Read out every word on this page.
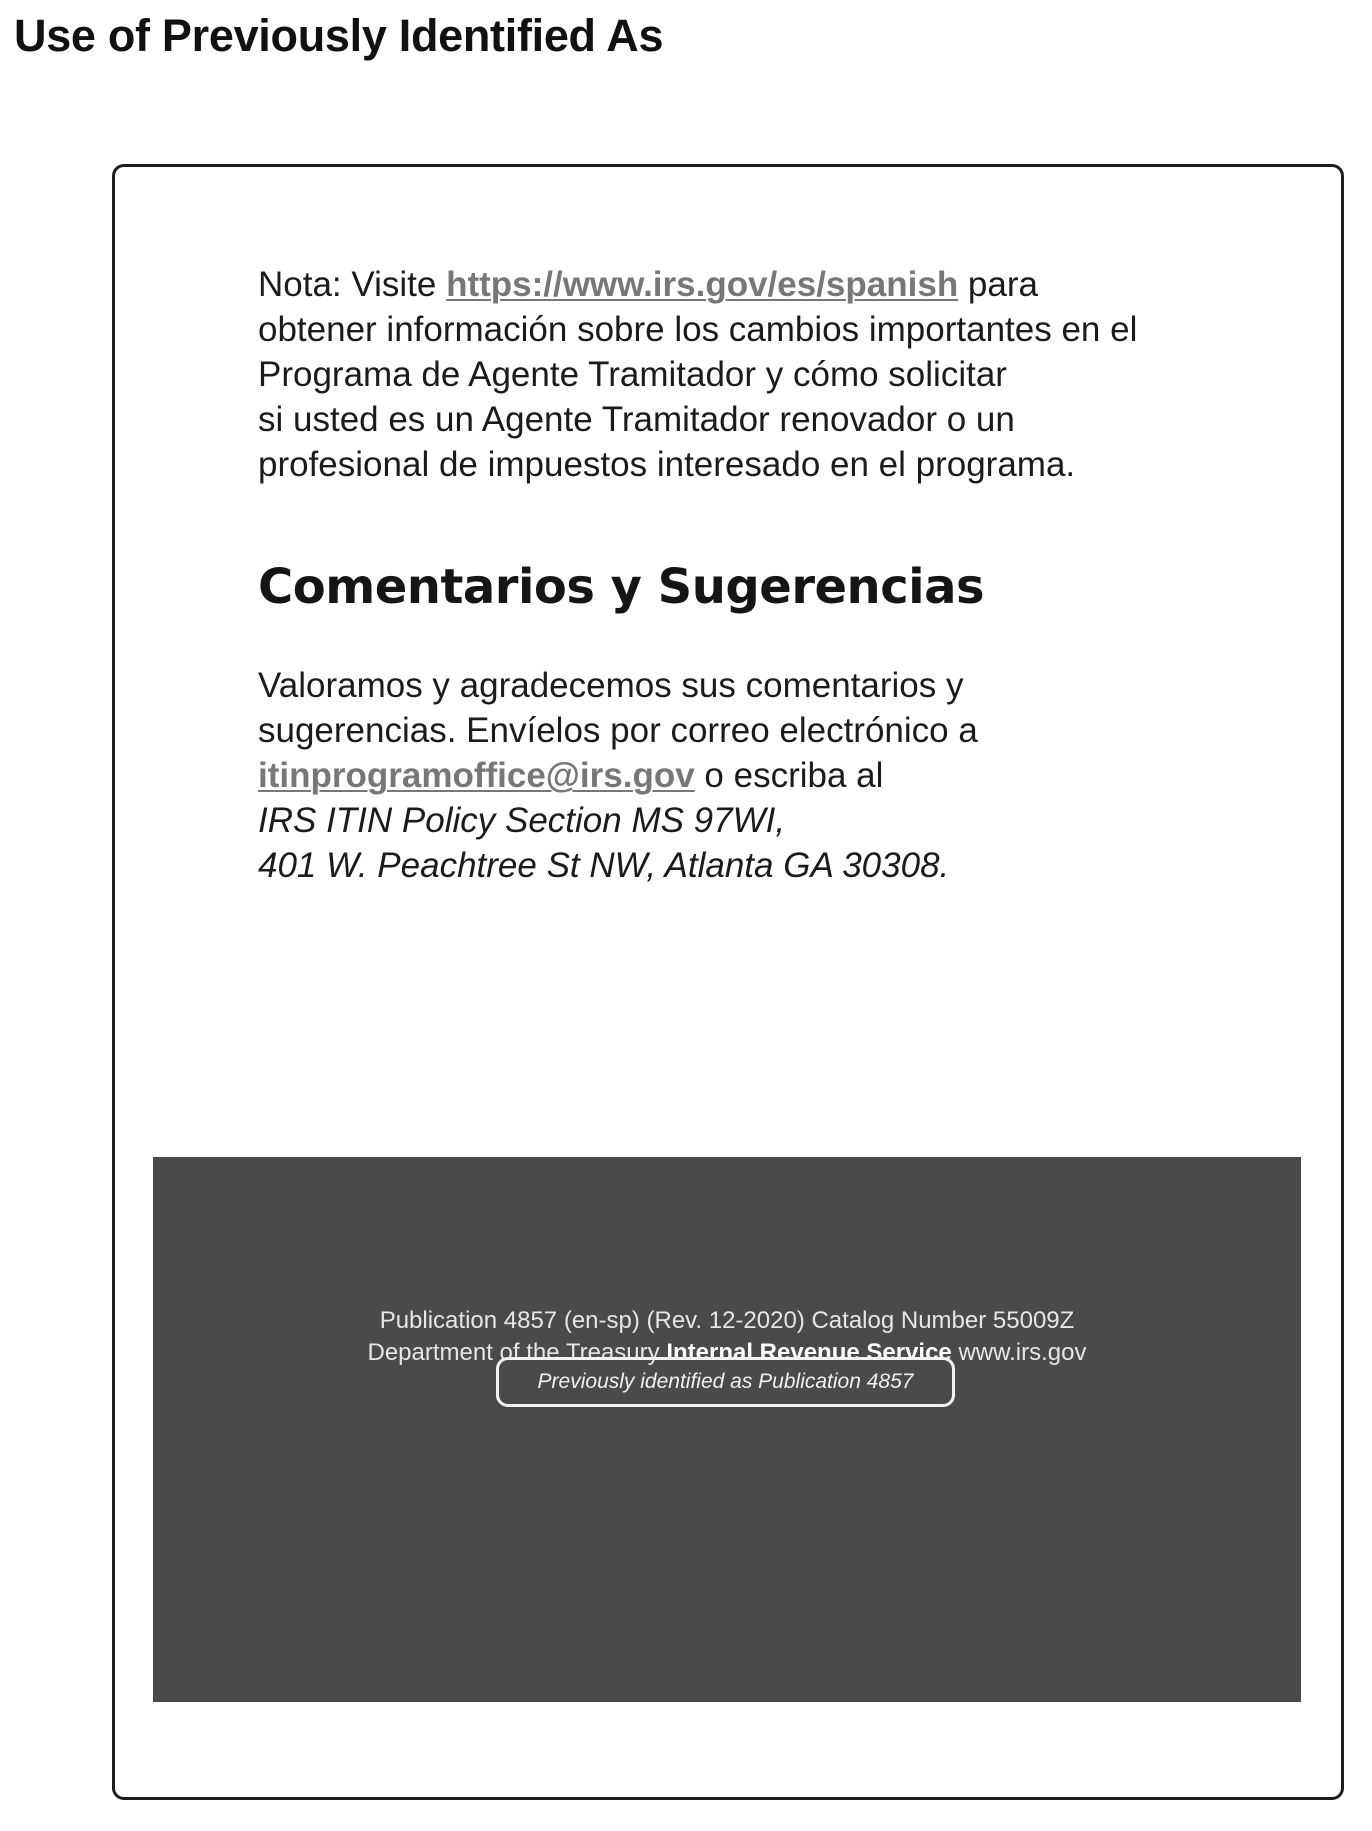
Use of Previously Identified As

Nota: Visite https://www.irs.gov/es/spanish para
obtener información sobre los cambios importantes en el
Programa de Agente Tramitador y cómo solicitar
si usted es un Agente Tramitador renovador o un
profesional de impuestos interesado en el programa.

Comentarios y Sugerencias

Valoramos y agradecemos sus comentarios y
sugerencias. Envíelos por correo electrónico a
itinprogramoffice@irs.gov o escriba al
IRS ITIN Policy Section MS 97WI,
401 W. Peachtree St NW, Atlanta GA 30308.

Publication 4857 (en-sp) (Rev. 12-2020) Catalog Number 55009Z
Department of the Treasury Internal Revenue Service www.irs.gov
Previously identified as Publication 4857
